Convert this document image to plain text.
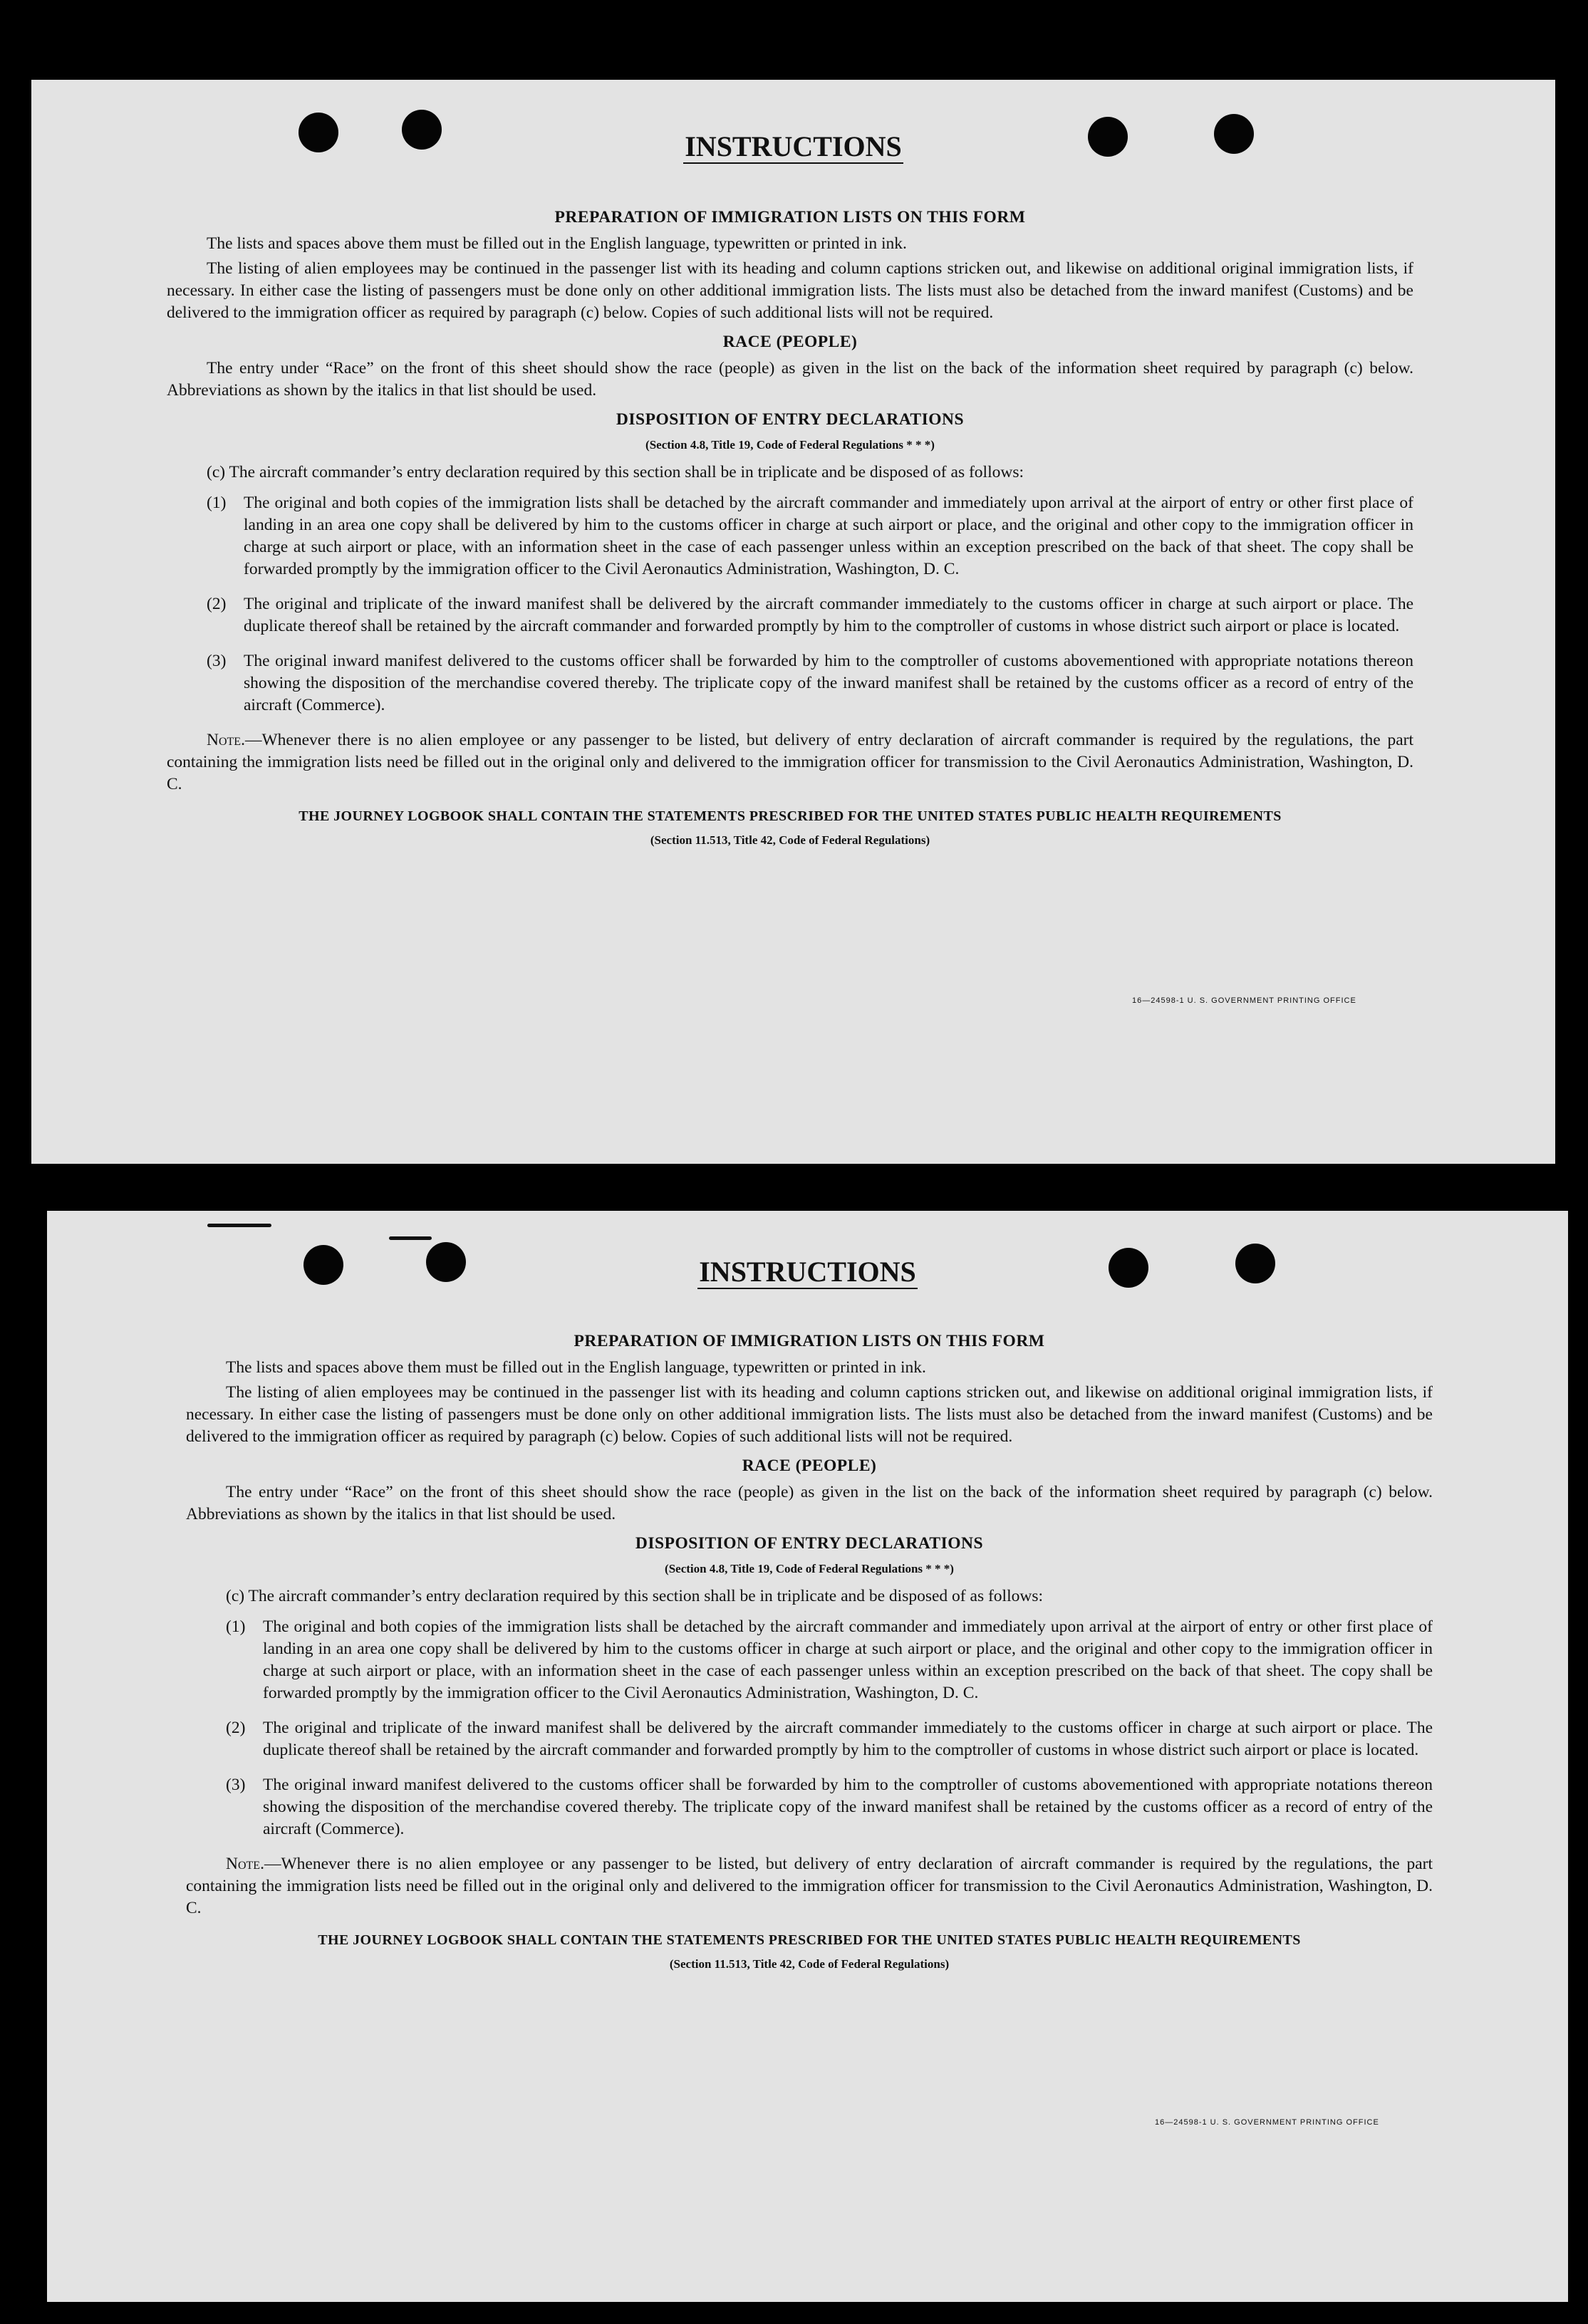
INSTRUCTIONS
PREPARATION OF IMMIGRATION LISTS ON THIS FORM

The lists and spaces above them must be filled out in the English language, typewritten or printed in ink.

The listing of alien employees may be continued in the passenger list with its heading and column captions stricken out, and likewise on additional original immigration lists, if necessary. In either case the listing of passengers must be done only on other additional immigration lists. The lists must also be detached from the inward manifest (Customs) and be delivered to the immigration officer as required by paragraph (c) below. Copies of such additional lists will not be required.

RACE (PEOPLE)

The entry under “Race” on the front of this sheet should show the race (people) as given in the list on the back of the information sheet required by paragraph (c) below. Abbreviations as shown by the italics in that list should be used.

DISPOSITION OF ENTRY DECLARATIONS
(Section 4.8, Title 19, Code of Federal Regulations * * *)
(c) The aircraft commander’s entry declaration required by this section shall be in triplicate and be disposed of as follows:
(1)	The original and both copies of the immigration lists shall be detached by the aircraft commander and immediately upon arrival at the airport of entry or other first place of landing in an area one copy shall be delivered by him to the customs officer in charge at such airport or place, and the original and other copy to the immigration officer in charge at such airport or place, with an information sheet in the case of each passenger unless within an exception prescribed on the back of that sheet. The copy shall be forwarded promptly by the immigration officer to the Civil Aeronautics Administration, Washington, D. C.
(2)	The original and triplicate of the inward manifest shall be delivered by the aircraft commander immediately to the customs officer in charge at such airport or place. The duplicate thereof shall be retained by the aircraft commander and forwarded promptly by him to the comptroller of customs in whose district such airport or place is located.
(3)	The original inward manifest delivered to the customs officer shall be forwarded by him to the comptroller of customs abovementioned with appropriate notations thereon showing the disposition of the merchandise covered thereby. The triplicate copy of the inward manifest shall be retained by the customs officer as a record of entry of the aircraft (Commerce).

Note.—Whenever there is no alien employee or any passenger to be listed, but delivery of entry declaration of aircraft commander is required by the regulations, the part containing the immigration lists need be filled out in the original only and delivered to the immigration officer for transmission to the Civil Aeronautics Administration, Washington, D. C.

THE JOURNEY LOGBOOK SHALL CONTAIN THE STATEMENTS PRESCRIBED FOR THE UNITED STATES PUBLIC HEALTH REQUIREMENTS
(Section 11.513, Title 42, Code of Federal Regulations)
16—24598-1 U. S. GOVERNMENT PRINTING OFFICE
INSTRUCTIONS
PREPARATION OF IMMIGRATION LISTS ON THIS FORM

The lists and spaces above them must be filled out in the English language, typewritten or printed in ink.

The listing of alien employees may be continued in the passenger list with its heading and column captions stricken out, and likewise on additional original immigration lists, if necessary. In either case the listing of passengers must be done only on other additional immigration lists. The lists must also be detached from the inward manifest (Customs) and be delivered to the immigration officer as required by paragraph (c) below. Copies of such additional lists will not be required.

RACE (PEOPLE)

The entry under “Race” on the front of this sheet should show the race (people) as given in the list on the back of the information sheet required by paragraph (c) below. Abbreviations as shown by the italics in that list should be used.

DISPOSITION OF ENTRY DECLARATIONS
(Section 4.8, Title 19, Code of Federal Regulations * * *)
(c) The aircraft commander’s entry declaration required by this section shall be in triplicate and be disposed of as follows:
(1)	The original and both copies of the immigration lists shall be detached by the aircraft commander and immediately upon arrival at the airport of entry or other first place of landing in an area one copy shall be delivered by him to the customs officer in charge at such airport or place, and the original and other copy to the immigration officer in charge at such airport or place, with an information sheet in the case of each passenger unless within an exception prescribed on the back of that sheet. The copy shall be forwarded promptly by the immigration officer to the Civil Aeronautics Administration, Washington, D. C.
(2)	The original and triplicate of the inward manifest shall be delivered by the aircraft commander immediately to the customs officer in charge at such airport or place. The duplicate thereof shall be retained by the aircraft commander and forwarded promptly by him to the comptroller of customs in whose district such airport or place is located.
(3)	The original inward manifest delivered to the customs officer shall be forwarded by him to the comptroller of customs abovementioned with appropriate notations thereon showing the disposition of the merchandise covered thereby. The triplicate copy of the inward manifest shall be retained by the customs officer as a record of entry of the aircraft (Commerce).

Note.—Whenever there is no alien employee or any passenger to be listed, but delivery of entry declaration of aircraft commander is required by the regulations, the part containing the immigration lists need be filled out in the original only and delivered to the immigration officer for transmission to the Civil Aeronautics Administration, Washington, D. C.

THE JOURNEY LOGBOOK SHALL CONTAIN THE STATEMENTS PRESCRIBED FOR THE UNITED STATES PUBLIC HEALTH REQUIREMENTS
(Section 11.513, Title 42, Code of Federal Regulations)
16—24598-1 U. S. GOVERNMENT PRINTING OFFICE
